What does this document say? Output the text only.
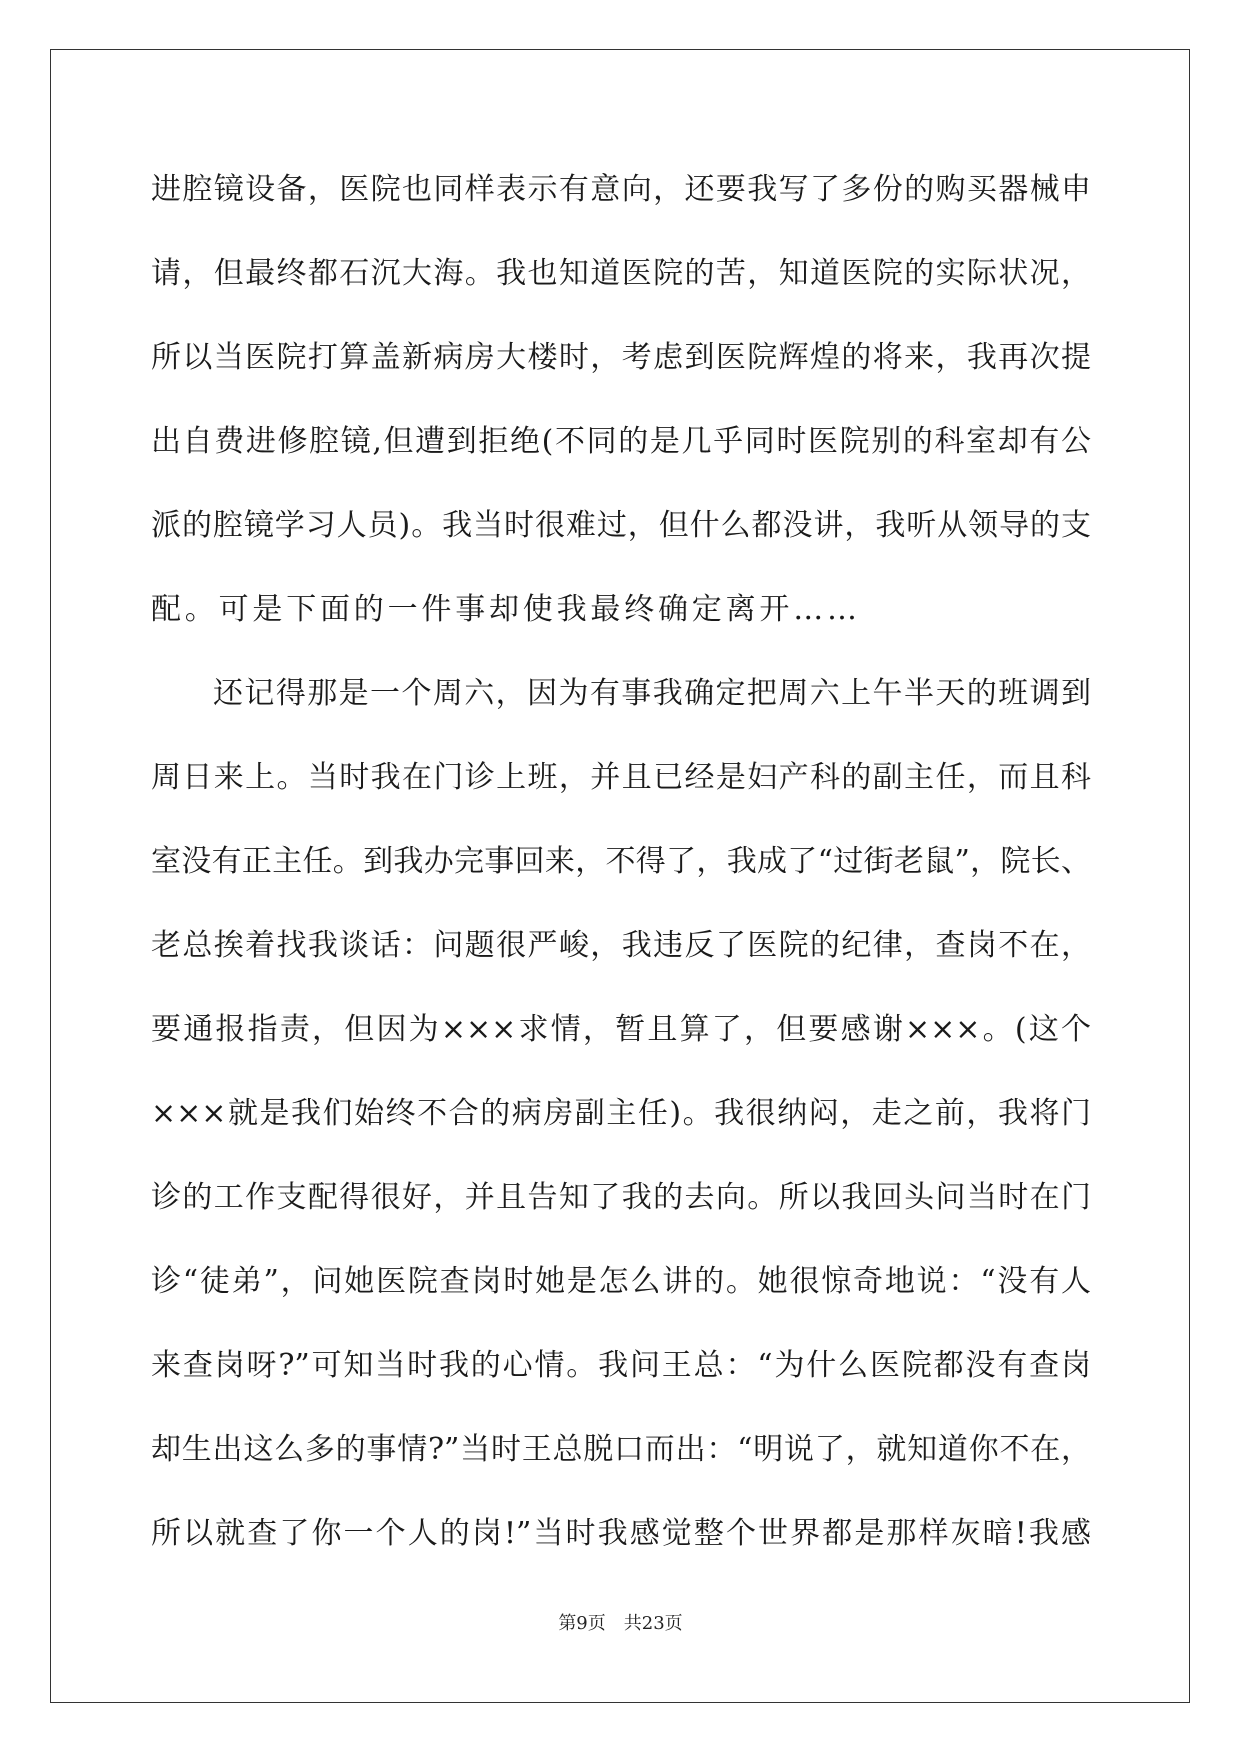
进腔镜设备，医院也同样表示有意向，还要我写了多份的购买器械申
请，但最终都石沉大海。我也知道医院的苦，知道医院的实际状况，
所以当医院打算盖新病房大楼时，考虑到医院辉煌的将来，我再次提
出自费进修腔镜,但遭到拒绝(不同的是几乎同时医院别的科室却有公
派的腔镜学习人员)。我当时很难过，但什么都没讲，我听从领导的支
配。可是下面的一件事却使我最终确定离开……
还记得那是一个周六，因为有事我确定把周六上午半天的班调到
周日来上。当时我在门诊上班，并且已经是妇产科的副主任，而且科
室没有正主任。到我办完事回来，不得了，我成了“过街老鼠”，院长、
老总挨着找我谈话：问题很严峻，我违反了医院的纪律，查岗不在，
要通报指责，但因为×××求情，暂且算了，但要感谢×××。(这个
×××就是我们始终不合的病房副主任)。我很纳闷，走之前，我将门
诊的工作支配得很好，并且告知了我的去向。所以我回头问当时在门
诊“徒弟”，问她医院查岗时她是怎么讲的。她很惊奇地说：“没有人
来查岗呀?”可知当时我的心情。我问王总：“为什么医院都没有查岗
却生出这么多的事情?”当时王总脱口而出：“明说了，就知道你不在，
所以就查了你一个人的岗!”当时我感觉整个世界都是那样灰暗!我感
第9页  共23页
